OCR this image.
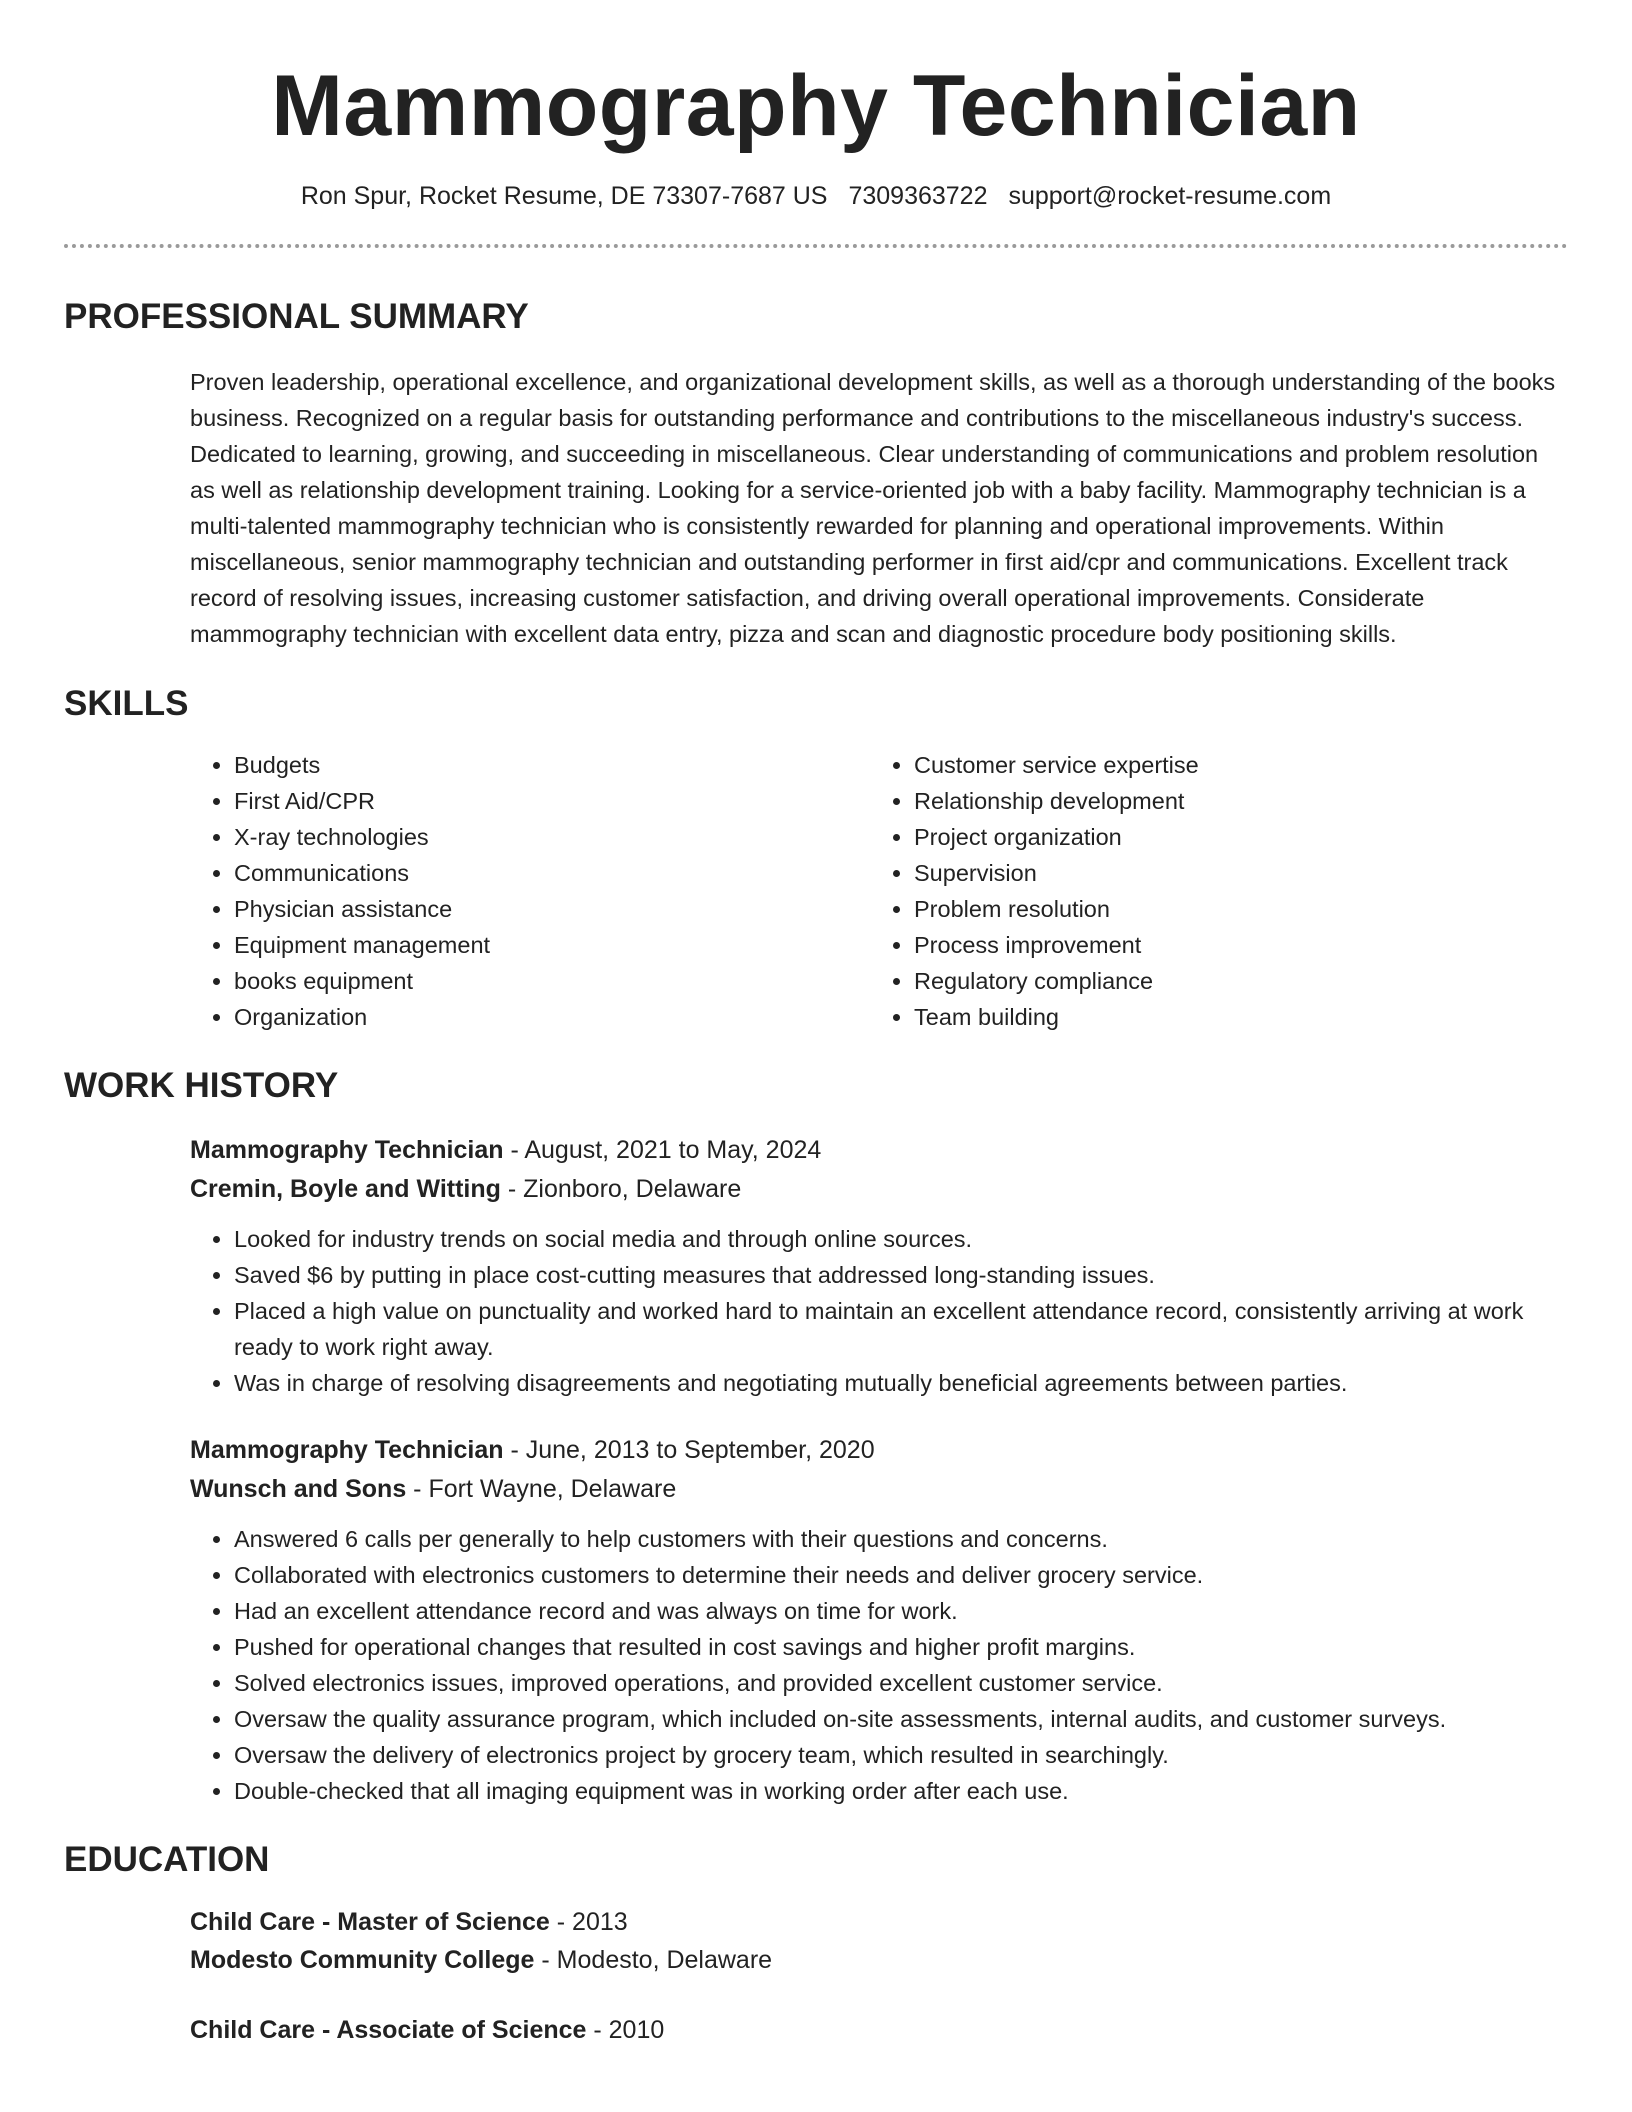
Mammography Technician
Ron Spur, Rocket Resume, DE 73307-7687 US 7309363722 support@rocket-resume.com
PROFESSIONAL SUMMARY
Proven leadership, operational excellence, and organizational development skills, as well as a thorough understanding of the books business. Recognized on a regular basis for outstanding performance and contributions to the miscellaneous industry's success. Dedicated to learning, growing, and succeeding in miscellaneous. Clear understanding of communications and problem resolution as well as relationship development training. Looking for a service-oriented job with a baby facility. Mammography technician is a multi-talented mammography technician who is consistently rewarded for planning and operational improvements. Within miscellaneous, senior mammography technician and outstanding performer in first aid/cpr and communications. Excellent track record of resolving issues, increasing customer satisfaction, and driving overall operational improvements. Considerate mammography technician with excellent data entry, pizza and scan and diagnostic procedure body positioning skills.
SKILLS
• Budgets
• First Aid/CPR
• X-ray technologies
• Communications
• Physician assistance
• Equipment management
• books equipment
• Organization
• Customer service expertise
• Relationship development
• Project organization
• Supervision
• Problem resolution
• Process improvement
• Regulatory compliance
• Team building
WORK HISTORY
Mammography Technician - August, 2021 to May, 2024
Cremin, Boyle and Witting - Zionboro, Delaware
• Looked for industry trends on social media and through online sources.
• Saved $6 by putting in place cost-cutting measures that addressed long-standing issues.
• Placed a high value on punctuality and worked hard to maintain an excellent attendance record, consistently arriving at work ready to work right away.
• Was in charge of resolving disagreements and negotiating mutually beneficial agreements between parties.
Mammography Technician - June, 2013 to September, 2020
Wunsch and Sons - Fort Wayne, Delaware
• Answered 6 calls per generally to help customers with their questions and concerns.
• Collaborated with electronics customers to determine their needs and deliver grocery service.
• Had an excellent attendance record and was always on time for work.
• Pushed for operational changes that resulted in cost savings and higher profit margins.
• Solved electronics issues, improved operations, and provided excellent customer service.
• Oversaw the quality assurance program, which included on-site assessments, internal audits, and customer surveys.
• Oversaw the delivery of electronics project by grocery team, which resulted in searchingly.
• Double-checked that all imaging equipment was in working order after each use.
EDUCATION
Child Care - Master of Science - 2013
Modesto Community College - Modesto, Delaware
Child Care - Associate of Science - 2010
